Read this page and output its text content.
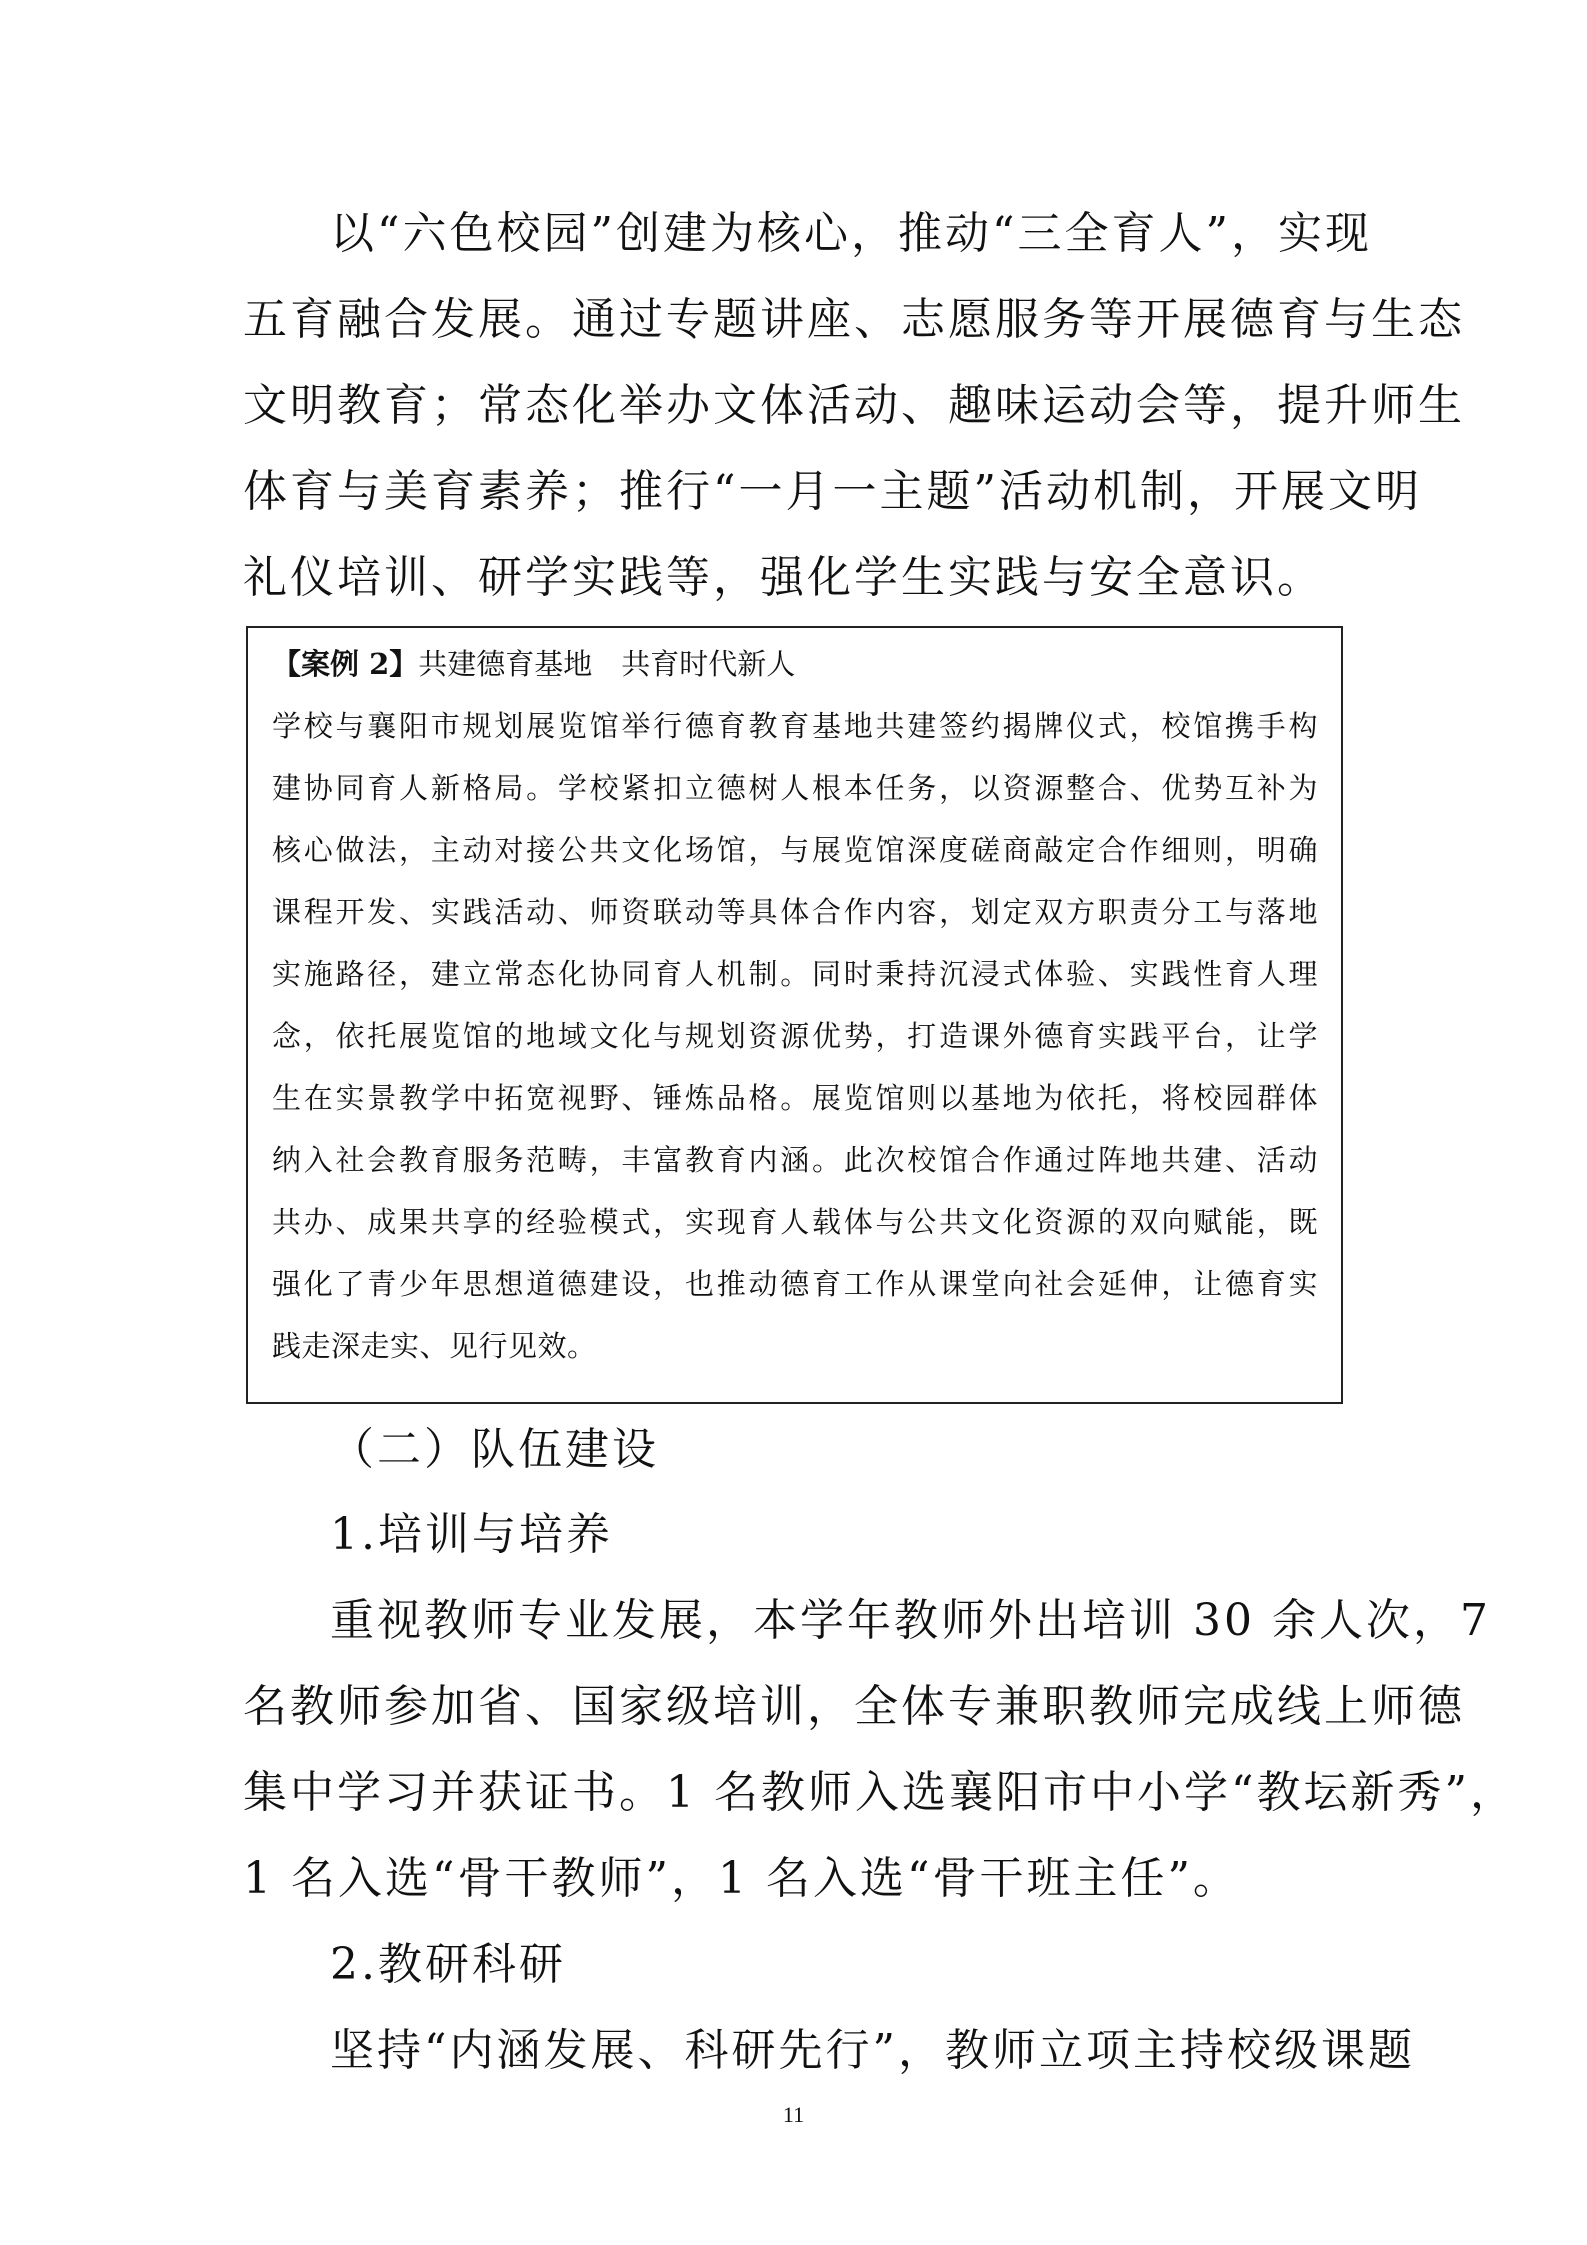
以“六色校园”创建为核心，推动“三全育人”，实现
五育融合发展。通过专题讲座、志愿服务等开展德育与生态
文明教育；常态化举办文体活动、趣味运动会等，提升师生
体育与美育素养；推行“一月一主题”活动机制，开展文明
礼仪培训、研学实践等，强化学生实践与安全意识。
【案例 2】共建德育基地　共育时代新人
学校与襄阳市规划展览馆举行德育教育基地共建签约揭牌仪式，校馆携手构
建协同育人新格局。学校紧扣立德树人根本任务，以资源整合、优势互补为
核心做法，主动对接公共文化场馆，与展览馆深度磋商敲定合作细则，明确
课程开发、实践活动、师资联动等具体合作内容，划定双方职责分工与落地
实施路径，建立常态化协同育人机制。同时秉持沉浸式体验、实践性育人理
念，依托展览馆的地域文化与规划资源优势，打造课外德育实践平台，让学
生在实景教学中拓宽视野、锤炼品格。展览馆则以基地为依托，将校园群体
纳入社会教育服务范畴，丰富教育内涵。此次校馆合作通过阵地共建、活动
共办、成果共享的经验模式，实现育人载体与公共文化资源的双向赋能，既
强化了青少年思想道德建设，也推动德育工作从课堂向社会延伸，让德育实
践走深走实、见行见效。
（二）队伍建设
1.培训与培养
重视教师专业发展，本学年教师外出培训 30 余人次，7
名教师参加省、国家级培训，全体专兼职教师完成线上师德
集中学习并获证书。1 名教师入选襄阳市中小学“教坛新秀”，
1 名入选“骨干教师”，1 名入选“骨干班主任”。
2.教研科研
坚持“内涵发展、科研先行”，教师立项主持校级课题
11
